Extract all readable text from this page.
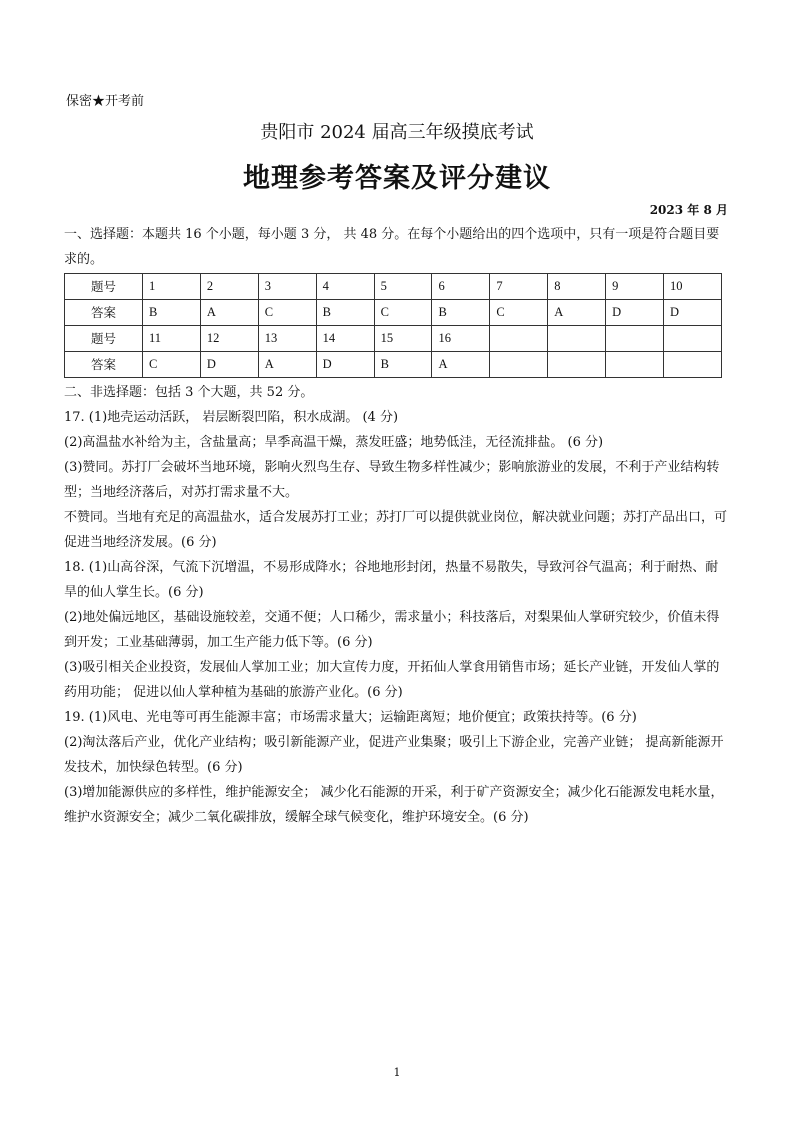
保密★开考前
贵阳市 2024 届高三年级摸底考试
地理参考答案及评分建议
2023 年 8 月

一、选择题：本题共 16 个小题，每小题 3 分， 共 48 分。在每个小题给出的四个选项中，只有一项是符合题目要求的。

题号	1	2	3	4	5	6	7	8	9	10
答案	B	A	C	B	C	B	C	A	D	D
题号	11	12	13	14	15	16				
答案	C	D	A	D	B	A				

二、非选择题：包括 3 个大题，共 52 分。

17. (1)地壳运动活跃， 岩层断裂凹陷，积水成湖。 (4 分)

(2)高温盐水补给为主，含盐量高；旱季高温干燥，蒸发旺盛；地势低洼，无径流排盐。 (6 分)

(3)赞同。苏打厂会破坏当地环境，影响火烈鸟生存、导致生物多样性减少；影响旅游业的发展，不利于产业结构转型；当地经济落后，对苏打需求量不大。

不赞同。当地有充足的高温盐水，适合发展苏打工业；苏打厂可以提供就业岗位，解决就业问题；苏打产品出口，可促进当地经济发展。(6 分)

18. (1)山高谷深，气流下沉增温，不易形成降水；谷地地形封闭，热量不易散失，导致河谷气温高；利于耐热、耐旱的仙人掌生长。(6 分)

(2)地处偏远地区，基础设施较差，交通不便；人口稀少，需求量小；科技落后，对梨果仙人掌研究较少，价值未得到开发；工业基础薄弱，加工生产能力低下等。(6 分)

(3)吸引相关企业投资，发展仙人掌加工业；加大宣传力度，开拓仙人掌食用销售市场；延长产业链，开发仙人掌的药用功能； 促进以仙人掌种植为基础的旅游产业化。(6 分)

19. (1)风电、光电等可再生能源丰富；市场需求量大；运输距离短；地价便宜；政策扶持等。(6 分)

(2)淘汰落后产业，优化产业结构；吸引新能源产业，促进产业集聚；吸引上下游企业，完善产业链； 提高新能源开发技术，加快绿色转型。(6 分)

(3)增加能源供应的多样性，维护能源安全； 减少化石能源的开采，利于矿产资源安全；减少化石能源发电耗水量，维护水资源安全；减少二氧化碳排放，缓解全球气候变化，维护环境安全。(6 分)

1
